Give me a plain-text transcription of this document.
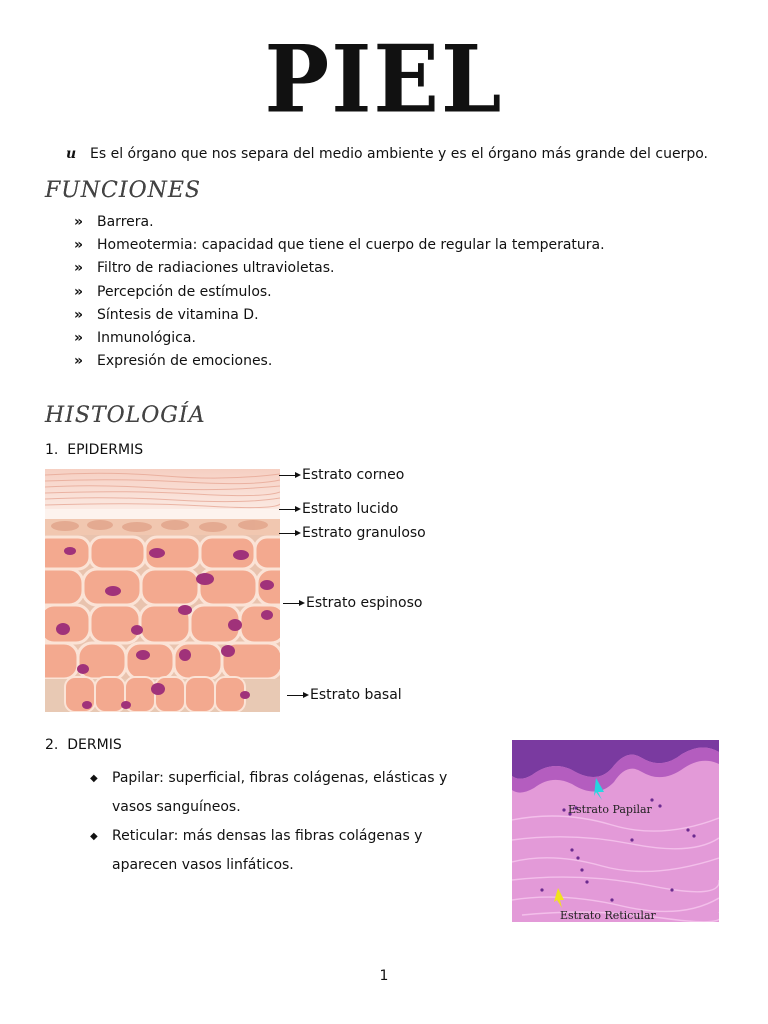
PIEL
u Es el órgano que nos separa del medio ambiente y es el órgano más grande del cuerpo.
FUNCIONES
» Barrera.
» Homeotermia: capacidad que tiene el cuerpo de regular la temperatura.
» Filtro de radiaciones ultravioletas.
» Percepción de estímulos.
» Síntesis de vitamina D.
» Inmunológica.
» Expresión de emociones.
HISTOLOGÍA
1. EPIDERMIS
Estrato corneo
Estrato lucido
Estrato granuloso
Estrato espinoso
Estrato basal
2. DERMIS
◆ Papilar: superficial, fibras colágenas, elásticas y vasos sanguíneos.
◆ Reticular: más densas las fibras colágenas y aparecen vasos linfáticos.
Estrato Papilar
Estrato Reticular
1
